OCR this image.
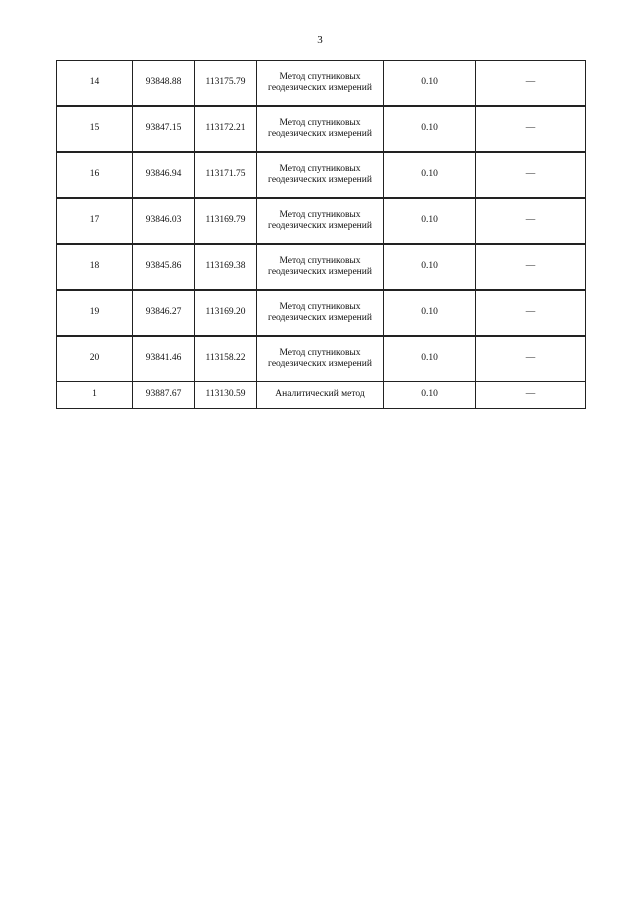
3
14	93848.88	113175.79	Метод спутниковых
геодезических измерений	0.10	—

15	93847.15	113172.21	Метод спутниковых
геодезических измерений	0.10	—

16	93846.94	113171.75	Метод спутниковых
геодезических измерений	0.10	—

17	93846.03	113169.79	Метод спутниковых
геодезических измерений	0.10	—

18	93845.86	113169.38	Метод спутниковых
геодезических измерений	0.10	—

19	93846.27	113169.20	Метод спутниковых
геодезических измерений	0.10	—

20	93841.46	113158.22	Метод спутниковых
геодезических измерений	0.10	—
1	93887.67	113130.59	Аналитический метод	0.10	—
